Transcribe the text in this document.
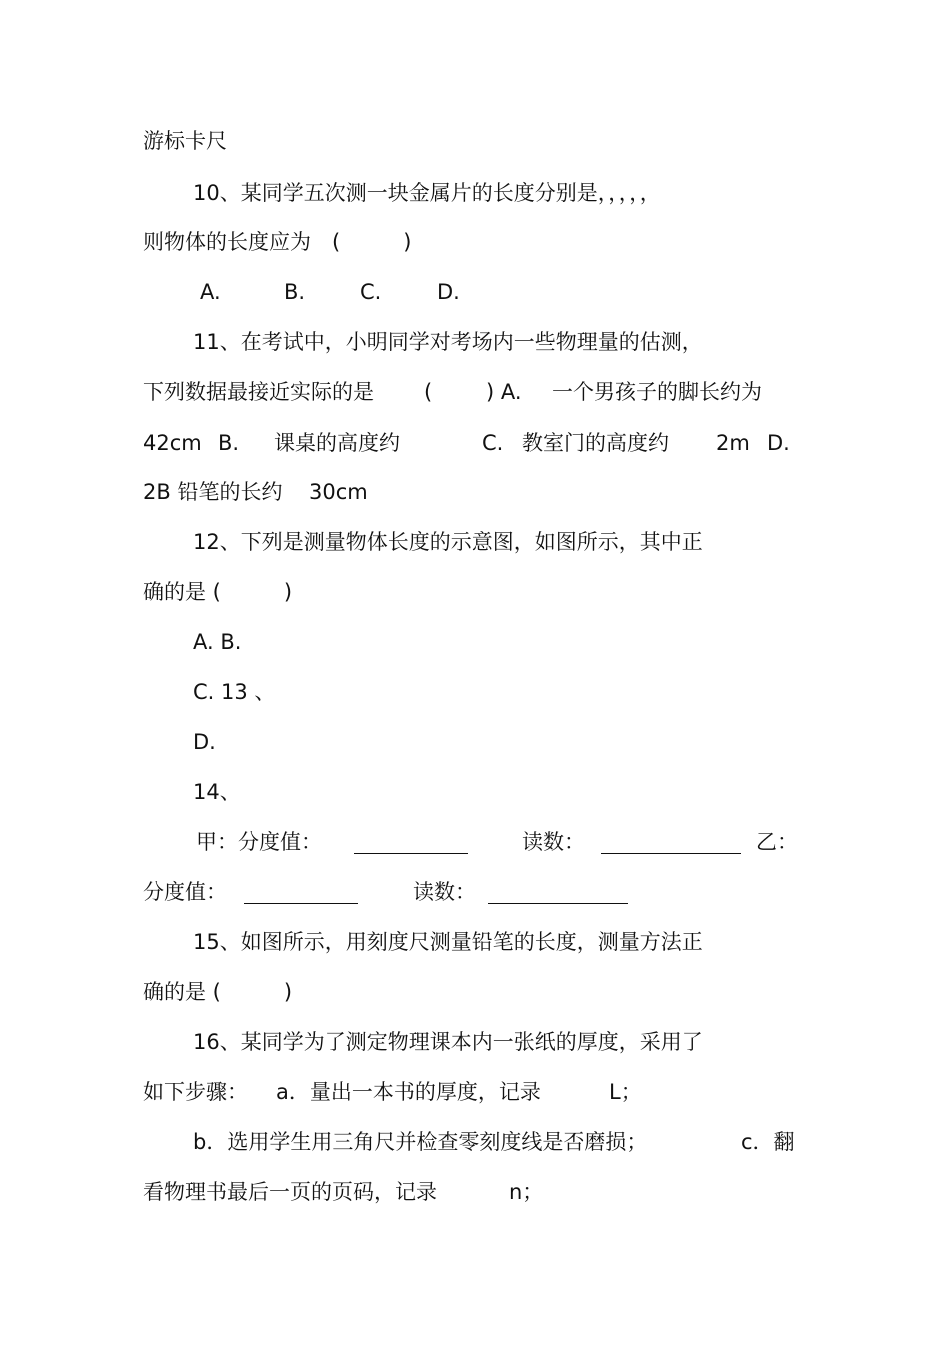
游标卡尺
10、某同学五次测一块金属片的长度分别是，，，，，
则物体的长度应为　(　　　)
A.	B.	C.	D.
11、在考试中，小明同学对考场内一些物理量的估测，
下列数据最接近实际的是 (	) A. 一个男孩子的脚长约为
42cm B. 课桌的高度约	C. 教室门的高度约 2m D.
2B 铅笔的长约 30cm
12、下列是测量物体长度的示意图，如图所示，其中正
确的是 (　　　)
A. B.
C. 13 、
D.
14、
甲：分度值：	读数：	乙：
分度值：	读数：
15、如图所示，用刻度尺测量铅笔的长度，测量方法正
确的是 (　　　)
16、某同学为了测定物理课本内一张纸的厚度，采用了
如下步骤： a．量出一本书的厚度，记录	L；
b．选用学生用三角尺并检查零刻度线是否磨损；	c．翻
看物理书最后一页的页码，记录	n；
